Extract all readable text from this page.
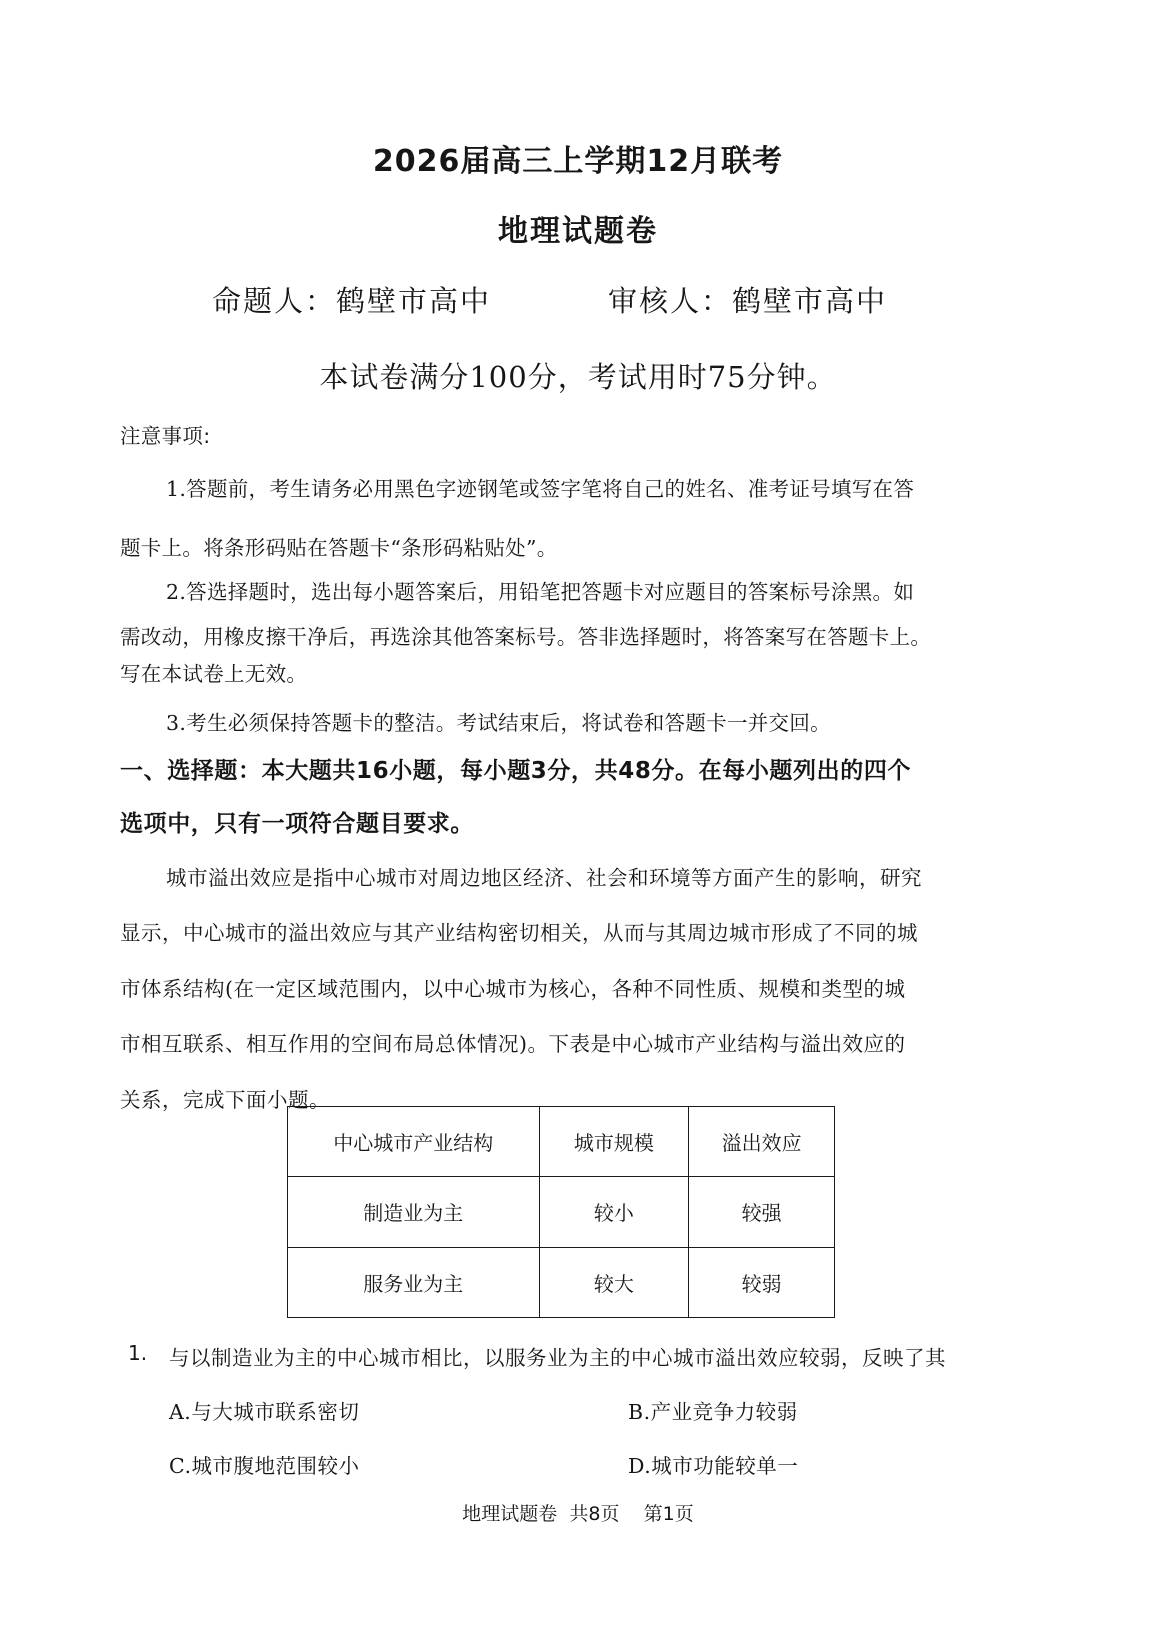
2026届高三上学期12月联考
地理试题卷
命题人：鹤壁市高中	审核人：鹤壁市高中
本试卷满分100分，考试用时75分钟。
注意事项:
1.答题前，考生请务必用黑色字迹钢笔或签字笔将自己的姓名、准考证号填写在答
题卡上。将条形码贴在答题卡“条形码粘贴处”。
2.答选择题时，选出每小题答案后，用铅笔把答题卡对应题目的答案标号涂黑。如
需改动，用橡皮擦干净后，再选涂其他答案标号。答非选择题时，将答案写在答题卡上。
写在本试卷上无效。
3.考生必须保持答题卡的整洁。考试结束后，将试卷和答题卡一并交回。
一、选择题：本大题共16小题，每小题3分，共48分。在每小题列出的四个
选项中，只有一项符合题目要求。
城市溢出效应是指中心城市对周边地区经济、社会和环境等方面产生的影响，研究
显示，中心城市的溢出效应与其产业结构密切相关，从而与其周边城市形成了不同的城
市体系结构(在一定区域范围内，以中心城市为核心，各种不同性质、规模和类型的城
市相互联系、相互作用的空间布局总体情况)。下表是中心城市产业结构与溢出效应的
关系，完成下面小题。
中心城市产业结构	城市规模	溢出效应
制造业为主	较小	较强
服务业为主	较大	较弱
1. 与以制造业为主的中心城市相比，以服务业为主的中心城市溢出效应较弱，反映了其
A.与大城市联系密切	B.产业竞争力较弱
C.城市腹地范围较小	D.城市功能较单一
地理试题卷  共8页    第1页
